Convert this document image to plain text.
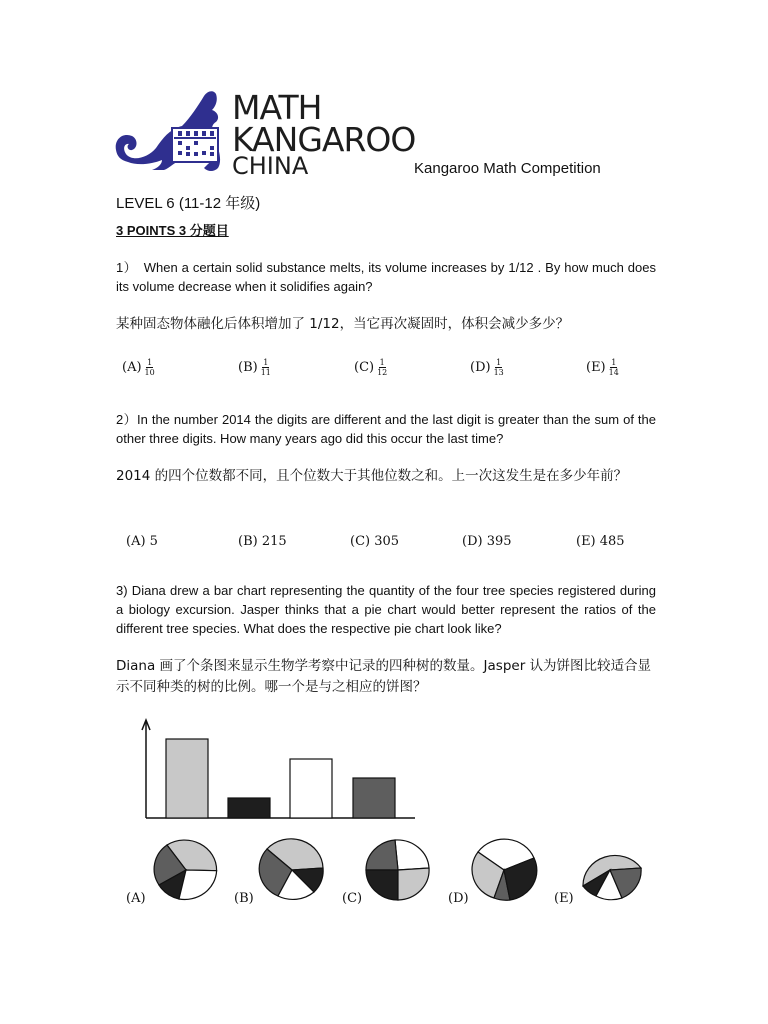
MATH
KANGAROO
CHINA	Kangaroo Math Competition
LEVEL 6 (11-12 年级)
3 POINTS 3 分题目
1）　When a certain solid substance melts, its volume increases by 1/12 . By how much does its volume decrease when it solidifies again?
某种固态物体融化后体积增加了 1/12，当它再次凝固时，体积会减少多少？
$(A) \frac{1}{10}$	$(B) \frac{1}{11}$	$(C) \frac{1}{12}$	$(D) \frac{1}{13}$	$(E) \frac{1}{14}$
2）In the number 2014 the digits are different and the last digit is greater than the sum of the other three digits. How many years ago did this occur the last time?
2014 的四个位数都不同，且个位数大于其他位数之和。上一次这发生是在多少年前？
(A) 5	(B) 215	(C) 305	(D) 395	(E) 485
3) Diana drew a bar chart representing the quantity of the four tree species registered during a biology excursion. Jasper thinks that a pie chart would better represent the ratios of the different tree species. What does the respective pie chart look like?
Diana 画了个条图来显示生物学考察中记录的四种树的数量。Jasper 认为饼图比较适合显示不同种类的树的比例。哪一个是与之相应的饼图？
(A)	(B)	(C)	(D)	(E)
